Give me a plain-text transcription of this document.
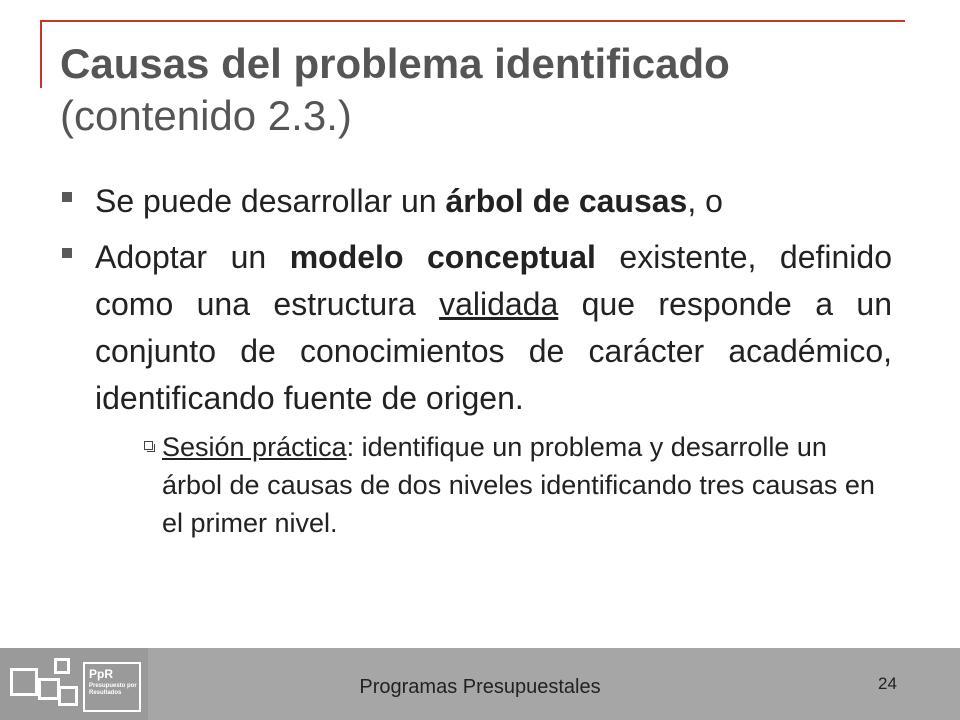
Causas del problema identificado
(contenido 2.3.)
Se puede desarrollar un árbol de causas, o
Adoptar un modelo conceptual existente, definido como una estructura validada que responde a un conjunto de conocimientos de carácter académico, identificando fuente de origen.
Sesión práctica: identifique un problema y desarrolle un árbol de causas de dos niveles identificando tres causas en el primer nivel.
PpR
Presupuesto por Resultados	Programas Presupuestales	24
